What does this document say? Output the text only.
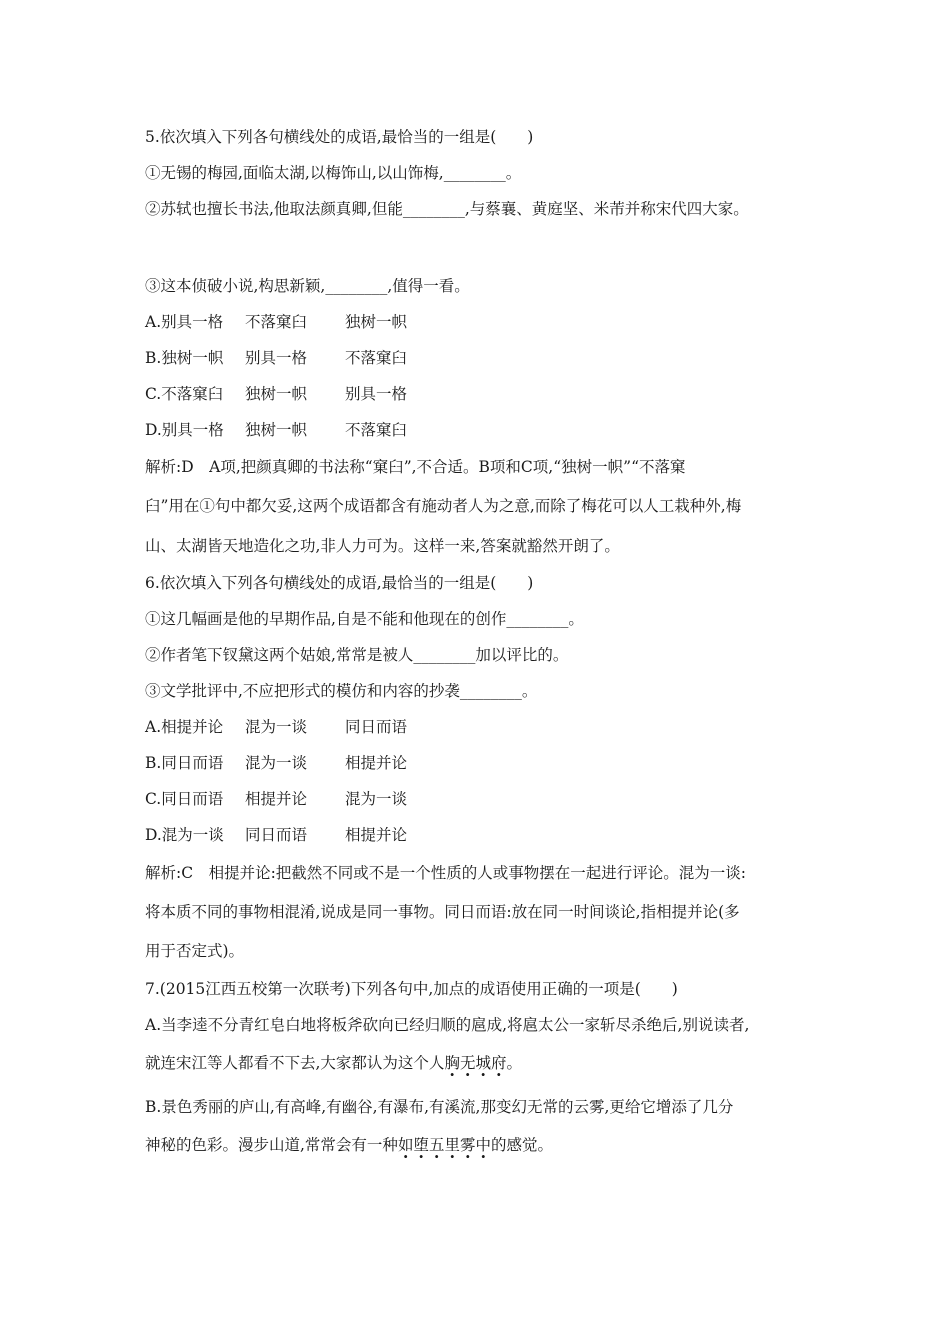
5.依次填入下列各句横线处的成语,最恰当的一组是(　　)
①无锡的梅园,面临太湖,以梅饰山,以山饰梅,________。
②苏轼也擅长书法,他取法颜真卿,但能________,与蔡襄、黄庭坚、米芾并称宋代四大家。
③这本侦破小说,构思新颖,________,值得一看。
A.别具一格 不落窠臼 独树一帜
B.独树一帜 别具一格 不落窠臼
C.不落窠臼 独树一帜 别具一格
D.别具一格 独树一帜 不落窠臼
解析:D　A项,把颜真卿的书法称“窠臼”,不合适。B项和C项,“独树一帜”“不落窠
臼”用在①句中都欠妥,这两个成语都含有施动者人为之意,而除了梅花可以人工栽种外,梅
山、太湖皆天地造化之功,非人力可为。这样一来,答案就豁然开朗了。
6.依次填入下列各句横线处的成语,最恰当的一组是(　　)
①这几幅画是他的早期作品,自是不能和他现在的创作________。
②作者笔下钗黛这两个姑娘,常常是被人________加以评比的。
③文学批评中,不应把形式的模仿和内容的抄袭________。
A.相提并论 混为一谈 同日而语
B.同日而语 混为一谈 相提并论
C.同日而语 相提并论 混为一谈
D.混为一谈 同日而语 相提并论
解析:C　相提并论:把截然不同或不是一个性质的人或事物摆在一起进行评论。混为一谈:
将本质不同的事物相混淆,说成是同一事物。同日而语:放在同一时间谈论,指相提并论(多
用于否定式)。
7.(2015江西五校第一次联考)下列各句中,加点的成语使用正确的一项是(　　)
A.当李逵不分青红皂白地将板斧砍向已经归顺的扈成,将扈太公一家斩尽杀绝后,别说读者,
就连宋江等人都看不下去,大家都认为这个人胸无城府。
B.景色秀丽的庐山,有高峰,有幽谷,有瀑布,有溪流,那变幻无常的云雾,更给它增添了几分
神秘的色彩。漫步山道,常常会有一种如堕五里雾中的感觉。
